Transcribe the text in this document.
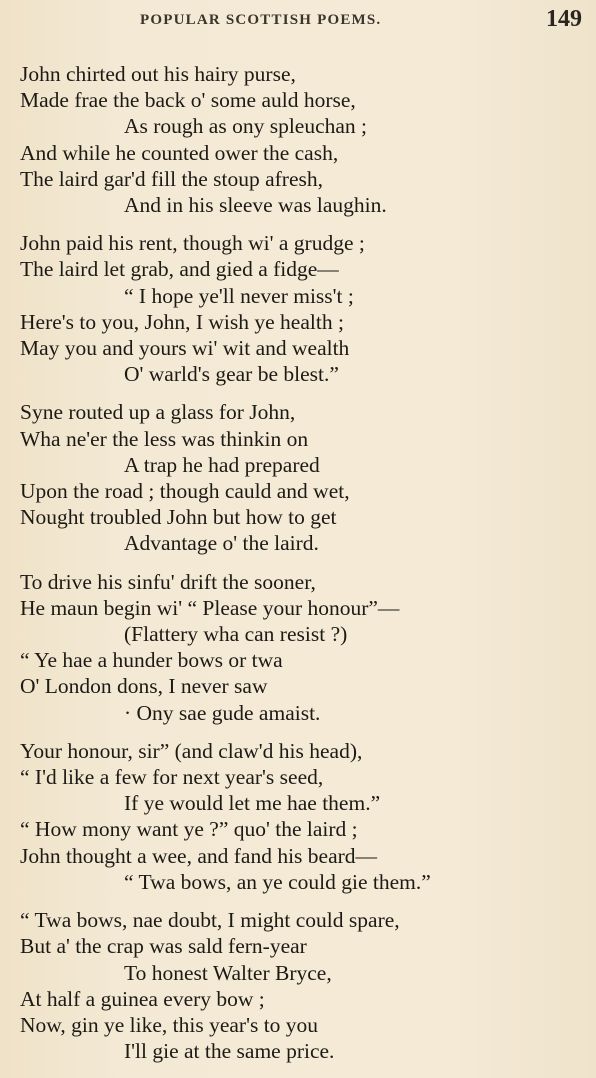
POPULAR SCOTTISH POEMS.	149
John chirted out his hairy purse,
Made frae the back o' some auld horse,
As rough as ony spleuchan ;
And while he counted ower the cash,
The laird gar'd fill the stoup afresh,
And in his sleeve was laughin.
John paid his rent, though wi' a grudge ;
The laird let grab, and gied a fidge—
“ I hope ye'll never miss't ;
Here's to you, John, I wish ye health ;
May you and yours wi' wit and wealth
O' warld's gear be blest.”
Syne routed up a glass for John,
Wha ne'er the less was thinkin on
A trap he had prepared
Upon the road ; though cauld and wet,
Nought troubled John but how to get
Advantage o' the laird.
To drive his sinfu' drift the sooner,
He maun begin wi' “ Please your honour”—
(Flattery wha can resist ?)
“ Ye hae a hunder bows or twa
O' London dons, I never saw
· Ony sae gude amaist.
Your honour, sir” (and claw'd his head),
“ I'd like a few for next year's seed,
If ye would let me hae them.”
“ How mony want ye ?” quo' the laird ;
John thought a wee, and fand his beard—
“ Twa bows, an ye could gie them.”
“ Twa bows, nae doubt, I might could spare,
But a' the crap was sald fern-year
To honest Walter Bryce,
At half a guinea every bow ;
Now, gin ye like, this year's to you
I'll gie at the same price.
